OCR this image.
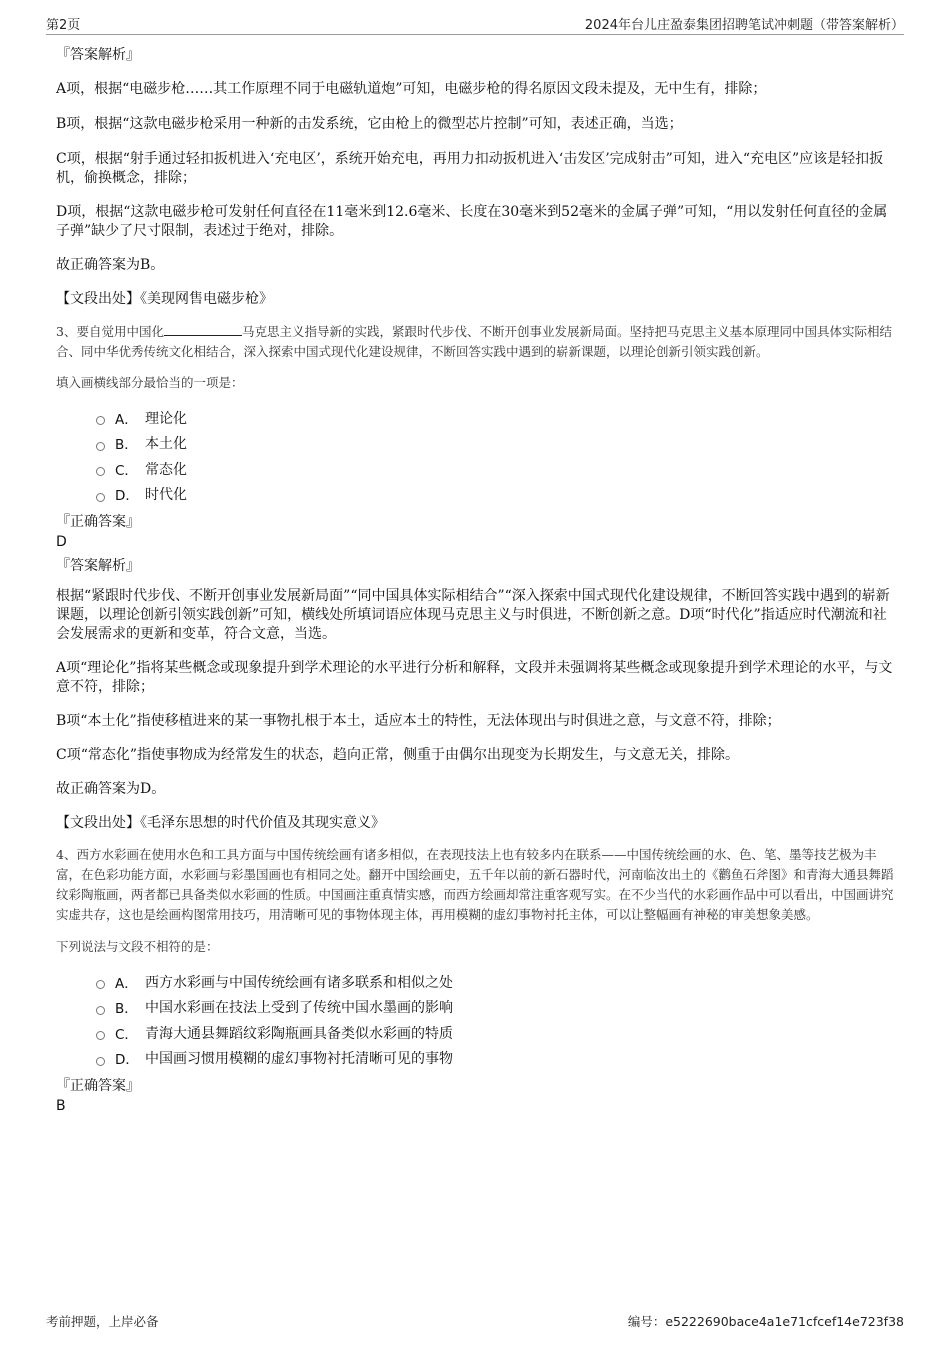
第2页	2024年台儿庄盈泰集团招聘笔试冲刺题（带答案解析）

『答案解析』

A项，根据“电磁步枪……其工作原理不同于电磁轨道炮”可知，电磁步枪的得名原因文段未提及，无中生有，排除；

B项，根据“这款电磁步枪采用一种新的击发系统，它由枪上的微型芯片控制”可知，表述正确，当选；

C项，根据“射手通过轻扣扳机进入‘充电区’，系统开始充电，再用力扣动扳机进入‘击发区’完成射击”可知，进入“充电区”应该是轻扣扳机，偷换概念，排除；

D项，根据“这款电磁步枪可发射任何直径在11毫米到12.6毫米、长度在30毫米到52毫米的金属子弹”可知，“用以发射任何直径的金属子弹”缺少了尺寸限制，表述过于绝对，排除。

故正确答案为B。

【文段出处】《美现网售电磁步枪》

3、要自觉用中国化	马克思主义指导新的实践，紧跟时代步伐、不断开创事业发展新局面。坚持把马克思主义基本原理同中国具体实际相结合、同中华优秀传统文化相结合，深入探索中国式现代化建设规律，不断回答实践中遇到的崭新课题，以理论创新引领实践创新。

填入画横线部分最恰当的一项是：

A． 理论化
B． 本土化
C． 常态化
D． 时代化

『正确答案』

D

『答案解析』

根据“紧跟时代步伐、不断开创事业发展新局面”“同中国具体实际相结合”“深入探索中国式现代化建设规律，不断回答实践中遇到的崭新课题，以理论创新引领实践创新”可知，横线处所填词语应体现马克思主义与时俱进，不断创新之意。D项“时代化”指适应时代潮流和社会发展需求的更新和变革，符合文意，当选。

A项“理论化”指将某些概念或现象提升到学术理论的水平进行分析和解释，文段并未强调将某些概念或现象提升到学术理论的水平，与文意不符，排除；

B项“本土化”指使移植进来的某一事物扎根于本土，适应本土的特性，无法体现出与时俱进之意，与文意不符，排除；

C项“常态化”指使事物成为经常发生的状态，趋向正常，侧重于由偶尔出现变为长期发生，与文意无关，排除。

故正确答案为D。

【文段出处】《毛泽东思想的时代价值及其现实意义》

4、西方水彩画在使用水色和工具方面与中国传统绘画有诸多相似，在表现技法上也有较多内在联系——中国传统绘画的水、色、笔、墨等技艺极为丰富，在色彩功能方面，水彩画与彩墨国画也有相同之处。翻开中国绘画史，五千年以前的新石器时代，河南临汝出土的《鹳鱼石斧图》和青海大通县舞蹈纹彩陶瓶画，两者都已具备类似水彩画的性质。中国画注重真情实感，而西方绘画却常注重客观写实。在不少当代的水彩画作品中可以看出，中国画讲究实虚共存，这也是绘画构图常用技巧，用清晰可见的事物体现主体，再用模糊的虚幻事物衬托主体，可以让整幅画有神秘的审美想象美感。

下列说法与文段不相符的是：

A． 西方水彩画与中国传统绘画有诸多联系和相似之处
B． 中国水彩画在技法上受到了传统中国水墨画的影响
C． 青海大通县舞蹈纹彩陶瓶画具备类似水彩画的特质
D． 中国画习惯用模糊的虚幻事物衬托清晰可见的事物

『正确答案』

B

考前押题，上岸必备	编号：e5222690bace4a1e71cfcef14e723f38
